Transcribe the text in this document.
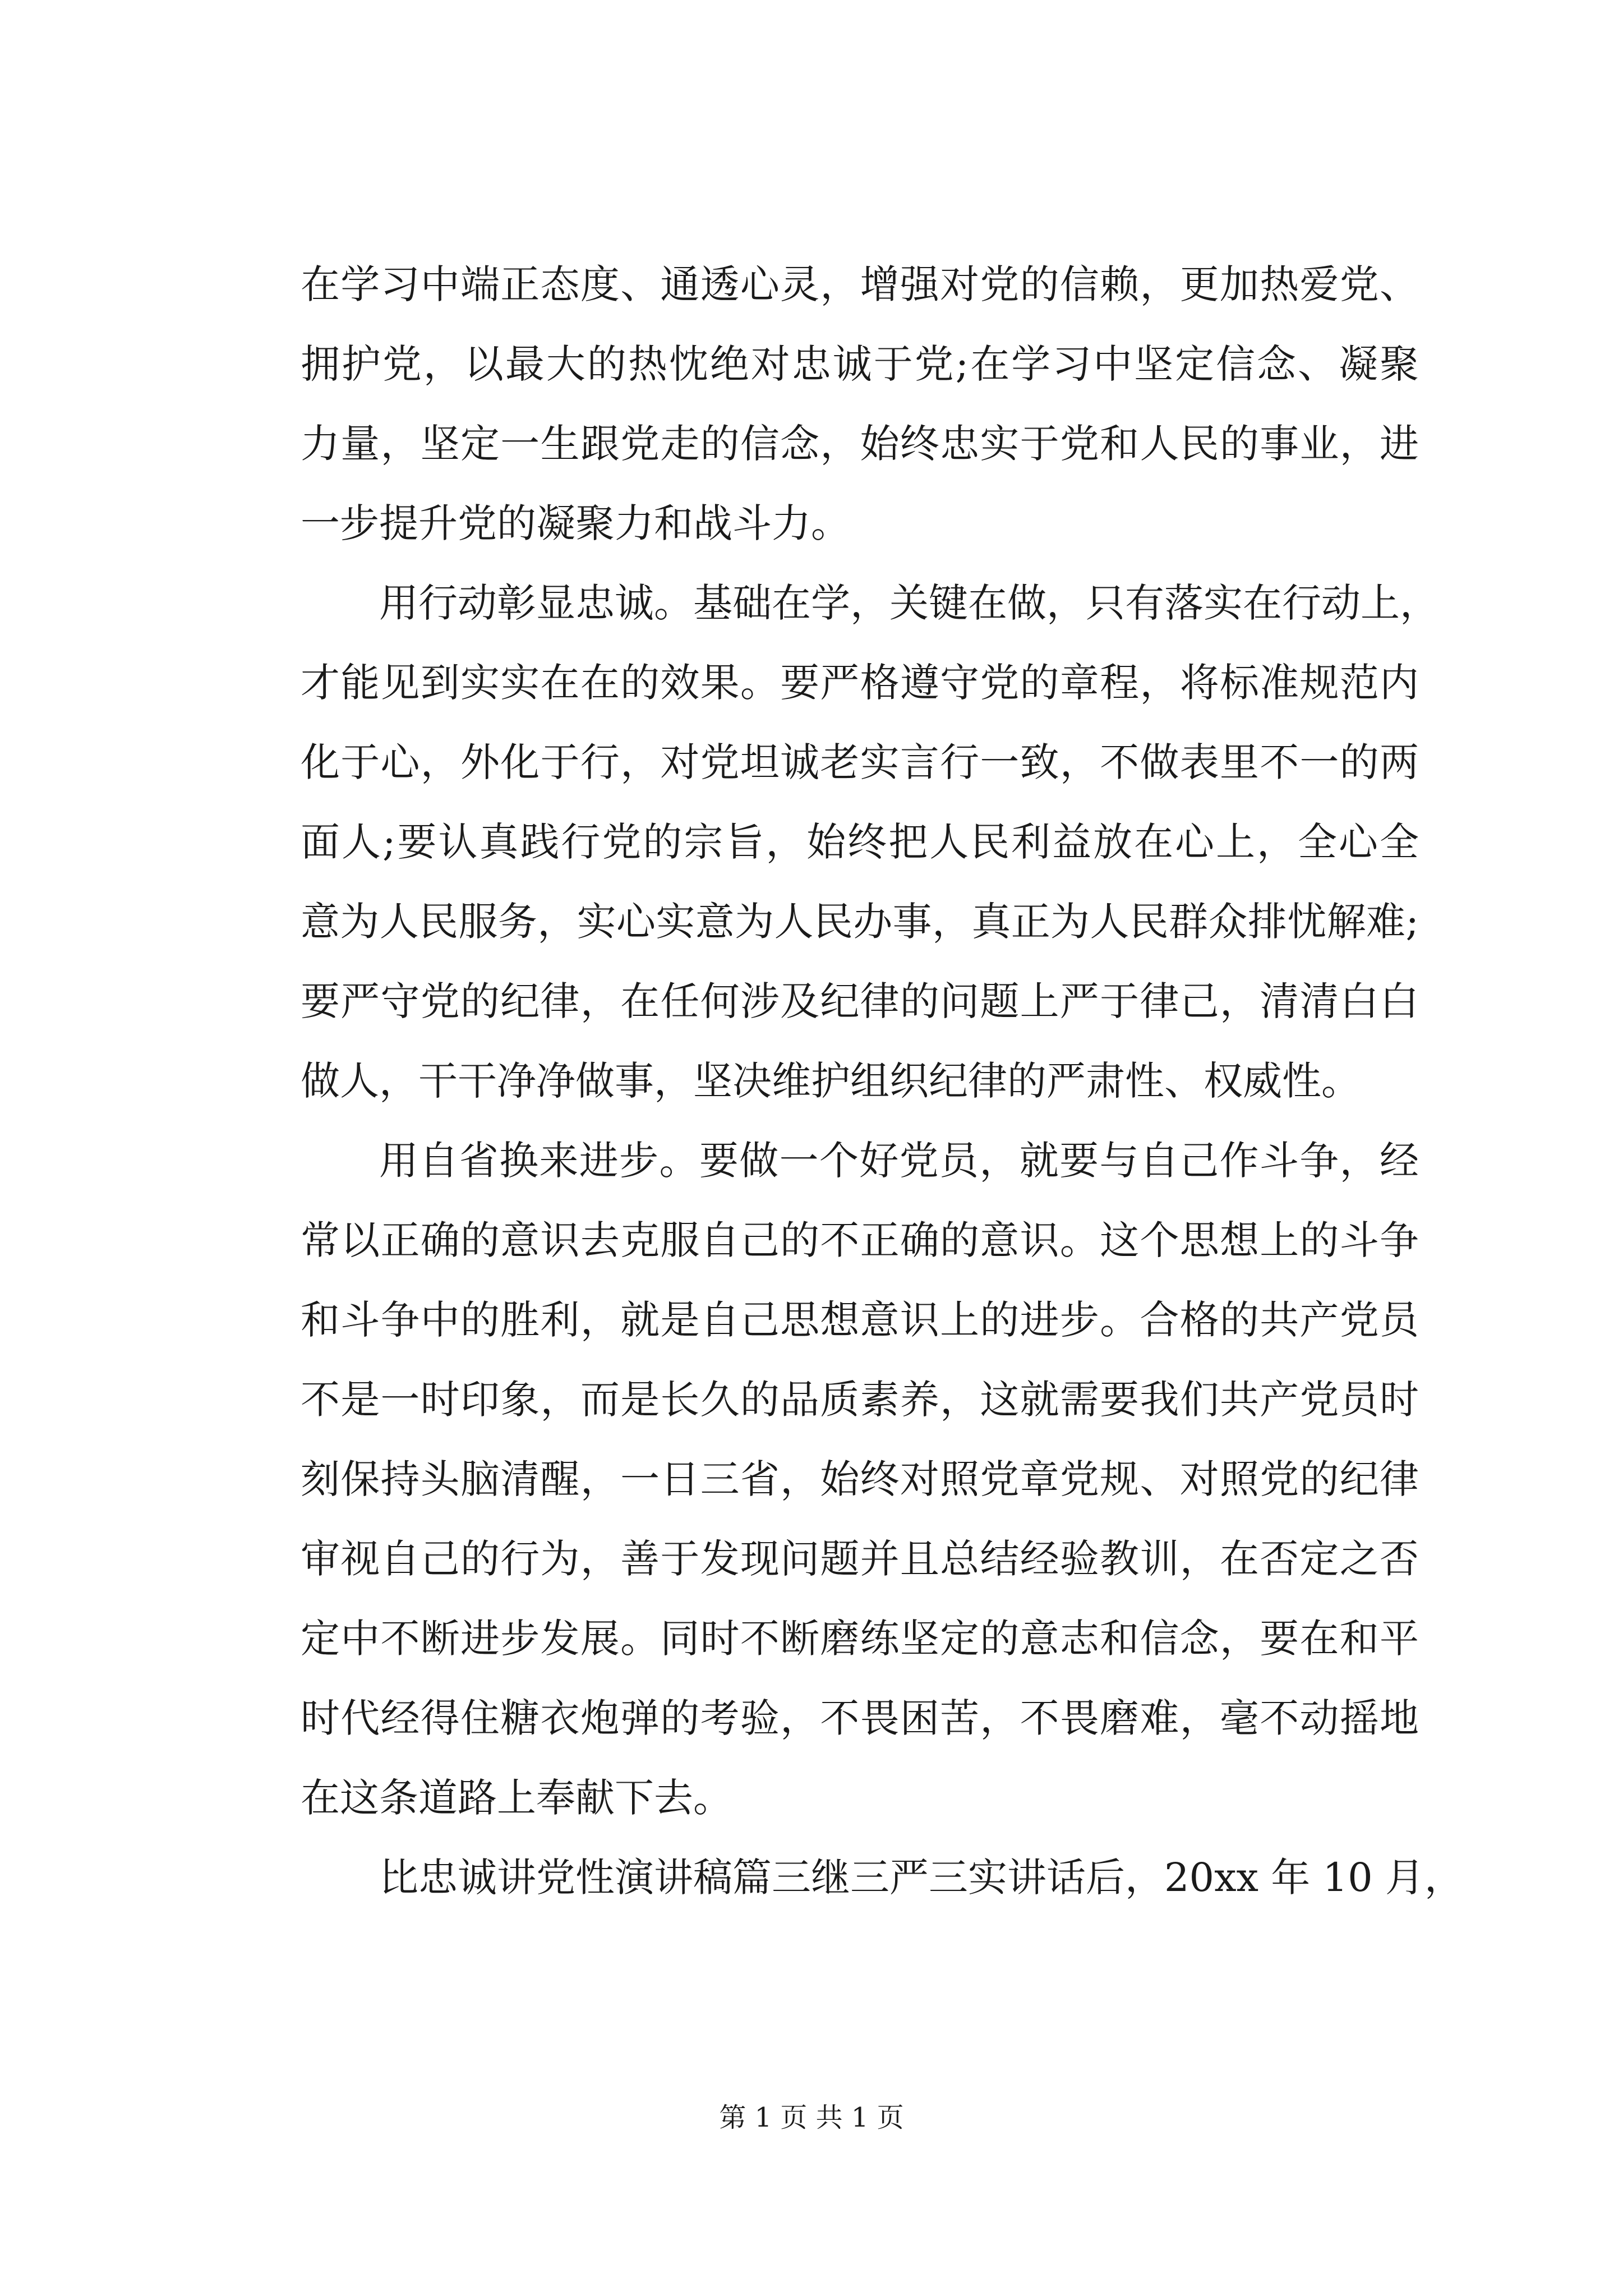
在学习中端正态度、通透心灵，增强对党的信赖，更加热爱党、
拥护党，以最大的热忱绝对忠诚于党;在学习中坚定信念、凝聚
力量，坚定一生跟党走的信念，始终忠实于党和人民的事业，进
一步提升党的凝聚力和战斗力。
用行动彰显忠诚。基础在学，关键在做，只有落实在行动上，
才能见到实实在在的效果。要严格遵守党的章程，将标准规范内
化于心，外化于行，对党坦诚老实言行一致，不做表里不一的两
面人;要认真践行党的宗旨，始终把人民利益放在心上，全心全
意为人民服务，实心实意为人民办事，真正为人民群众排忧解难;
要严守党的纪律，在任何涉及纪律的问题上严于律己，清清白白
做人，干干净净做事，坚决维护组织纪律的严肃性、权威性。
用自省换来进步。要做一个好党员，就要与自己作斗争，经
常以正确的意识去克服自己的不正确的意识。这个思想上的斗争
和斗争中的胜利，就是自己思想意识上的进步。合格的共产党员
不是一时印象，而是长久的品质素养，这就需要我们共产党员时
刻保持头脑清醒，一日三省，始终对照党章党规、对照党的纪律
审视自己的行为，善于发现问题并且总结经验教训，在否定之否
定中不断进步发展。同时不断磨练坚定的意志和信念，要在和平
时代经得住糖衣炮弹的考验，不畏困苦，不畏磨难，毫不动摇地
在这条道路上奉献下去。
比忠诚讲党性演讲稿篇三继三严三实讲话后，20xx 年 10 月，
第 1 页 共 1 页
